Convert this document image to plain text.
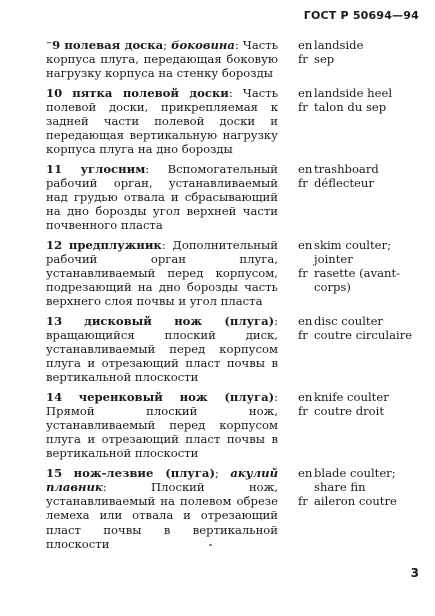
ГОСТ Р 50694—94

⁻9 полевая доска; боковина: Часть корпуса плуга, передающая боковую нагрузку корпуса на стенку борозды

en landside
fr sep

10 пятка полевой доски: Часть полевой доски, прикрепляемая к задней части полевой доски и передающая вертикальную нагрузку корпуса плуга на дно борозды

en landside heel
fr talon du sep

11 углосним: Вспомогательный рабочий орган, устанавливаемый над грудью отвала и сбрасывающий на дно борозды угол верхней части почвенного пласта

en trashboard
fr déflecteur

12 предплужник: Дополнительный рабочий орган плуга, устанавливаемый перед корпусом, подрезающий на дно борозды часть верхнего слоя почвы и угол пласта

en skim coulter; jointer
fr rasette (avant-corps)

13 дисковый нож (плуга): вращающийся плоский диск, устанавливаемый перед корпусом плуга и отрезающий пласт почвы в вертикальной плоскости

en disc coulter
fr coutre circulaire

14 черенковый нож (плуга): Прямой плоский нож, устанавливаемый перед корпусом плуга и отрезающий пласт почвы в вертикальной плоскости

en knife coulter
fr coutre droit

15 нож-лезвие (плуга); акулий плавник: Плоский нож, устанавливаемый на полевом обрезе лемеха или отвала и отрезающий пласт почвы в вертикальной плоскости

en blade coulter; share fin
fr aileron coutre
3
